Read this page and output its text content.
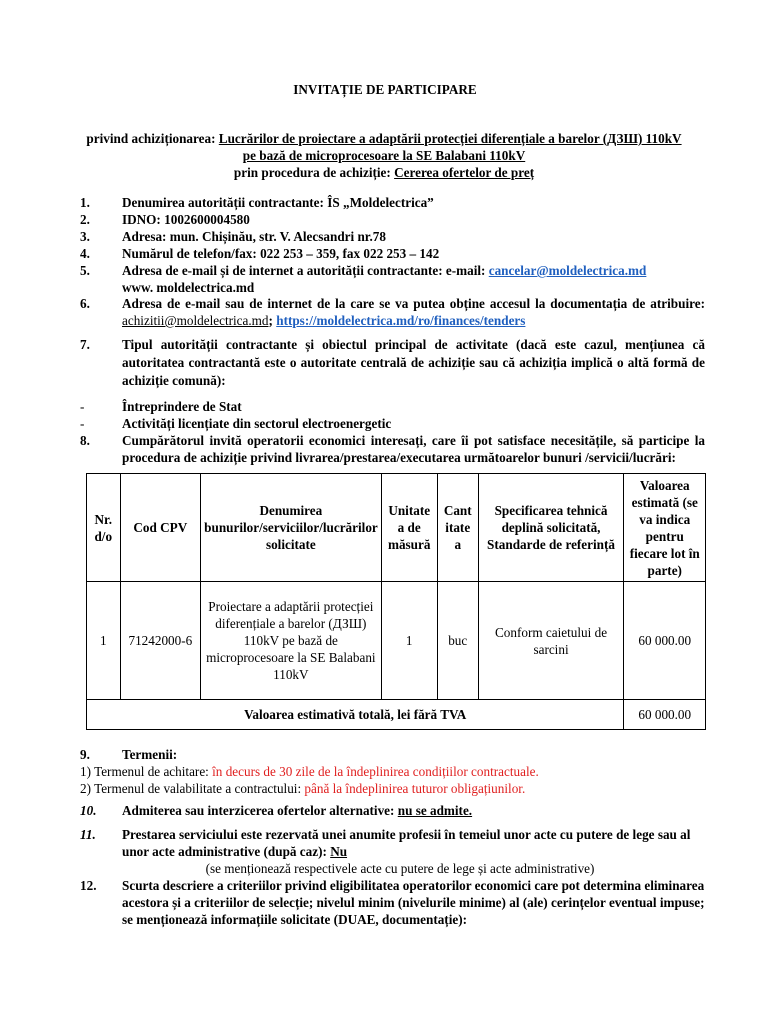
INVITAȚIE DE PARTICIPARE
privind achiziționarea: Lucrărilor de proiectare a adaptării protecției diferențiale a barelor (ДЗШ) 110kV
pe bază de microprocesoare la SE Balabani 110kV
prin procedura de achiziție: Cererea ofertelor de preț
1.	Denumirea autorității contractante: ÎS „Moldelectrica”
2.	IDNO: 1002600004580
3.	Adresa: mun. Chișinău, str. V. Alecsandri nr.78
4.	Numărul de telefon/fax: 022 253 – 359, fax 022 253 – 142
5.	Adresa de e-mail și de internet a autorității contractante: e-mail: cancelar@moldelectrica.md
www. moldelectrica.md
6.	Adresa de e-mail sau de internet de la care se va putea obține accesul la documentația de atribuire: achizitii@moldelectrica.md; https://moldelectrica.md/ro/finances/tenders
7.	Tipul autorității contractante și obiectul principal de activitate (dacă este cazul, mențiunea că autoritatea contractantă este o autoritate centrală de achiziție sau că achiziția implică o altă formă de achiziție comună):
-	Întreprindere de Stat
-	Activități licențiate din sectorul electroenergetic
8.	Cumpărătorul invită operatorii economici interesați, care îi pot satisface necesitățile, să participe la procedura de achiziție privind livrarea/prestarea/executarea următoarelor bunuri /servicii/lucrări:
Nr. d/o	Cod CPV	Denumirea bunurilor/serviciilor/lucrărilor solicitate	Unitate a de măsură	Cant itate a	Specificarea tehnică deplină solicitată, Standarde de referință	Valoarea estimată (se va indica pentru fiecare lot în parte)
1	71242000-6	Proiectare a adaptării protecției diferențiale a barelor (ДЗШ) 110kV pe bază de microprocesoare la SE Balabani 110kV	1	buc	Conform caietului de sarcini	60 000.00
Valoarea estimativă totală, lei fără TVA						60 000.00
9.	Termenii:
1) Termenul de achitare: în decurs de 30 zile de la îndeplinirea condițiilor contractuale.
2) Termenul de valabilitate a contractului: până la îndeplinirea tuturor obligațiunilor.
10.	Admiterea sau interzicerea ofertelor alternative: nu se admite.
11.	Prestarea serviciului este rezervată unei anumite profesii în temeiul unor acte cu putere de lege sau al unor acte administrative (după caz): Nu
(se menționează respectivele acte cu putere de lege și acte administrative)
12.	Scurta descriere a criteriilor privind eligibilitatea operatorilor economici care pot determina eliminarea acestora și a criteriilor de selecție; nivelul minim (nivelurile minime) al (ale) cerințelor eventual impuse; se menționează informațiile solicitate (DUAE, documentație):
